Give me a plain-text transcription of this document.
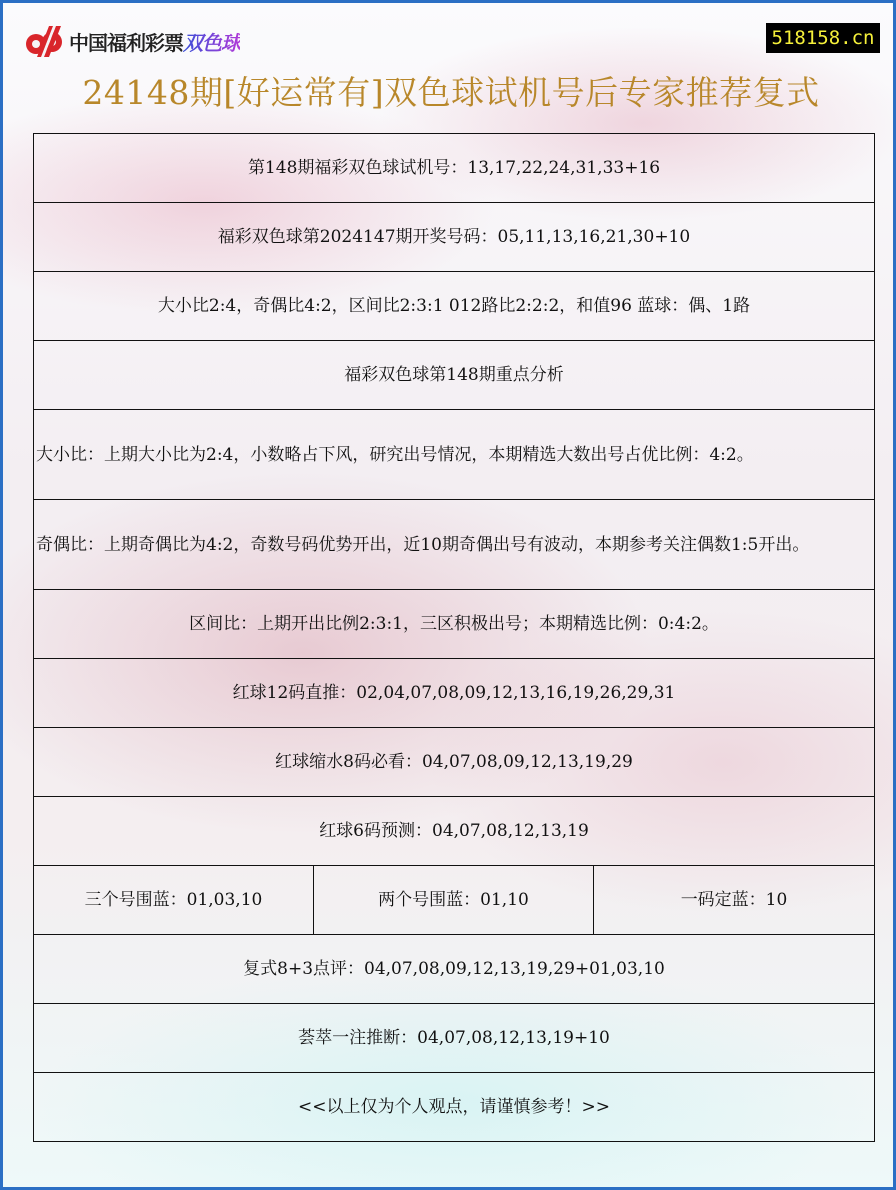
中国福利彩票 双色球	518158.cn
24148期[好运常有]双色球试机号后专家推荐复式
第148期福彩双色球试机号：13,17,22,24,31,33+16
福彩双色球第2024147期开奖号码：05,11,13,16,21,30+10
大小比2:4，奇偶比4:2，区间比2:3:1 012路比2:2:2，和值96 蓝球：偶、1路
福彩双色球第148期重点分析
大小比：上期大小比为2:4，小数略占下风，研究出号情况，本期精选大数出号占优比例：4:2。
奇偶比：上期奇偶比为4:2，奇数号码优势开出，近10期奇偶出号有波动，本期参考关注偶数1:5开出。
区间比：上期开出比例2:3:1，三区积极出号；本期精选比例：0:4:2。
红球12码直推：02,04,07,08,09,12,13,16,19,26,29,31
红球缩水8码必看：04,07,08,09,12,13,19,29
红球6码预测：04,07,08,12,13,19
三个号围蓝：01,03,10	两个号围蓝：01,10	一码定蓝：10
复式8+3点评：04,07,08,09,12,13,19,29+01,03,10
荟萃一注推断：04,07,08,12,13,19+10
<<以上仅为个人观点，请谨慎参考！>>
